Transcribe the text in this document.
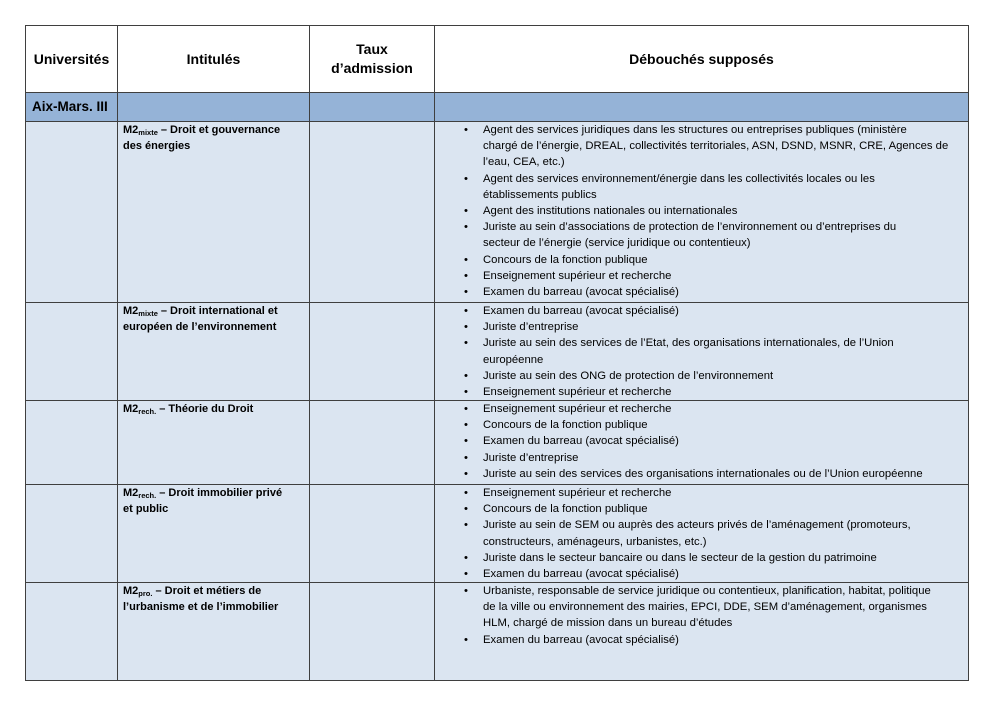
Universités	Intitulés
Taux
d’admission
Débouchés supposés
Aix-Mars. III
$M2_{mixte}$ – Droit et gouvernance
des énergies
• Agent des services juridiques dans les structures ou entreprises publiques (ministère
chargé de l’énergie, DREAL, collectivités territoriales, ASN, DSND, MSNR, CRE, Agences de
l’eau, CEA, etc.)
• Agent des services environnement/énergie dans les collectivités locales ou les
établissements publics
• Agent des institutions nationales ou internationales
• Juriste au sein d’associations de protection de l’environnement ou d’entreprises du
secteur de l’énergie (service juridique ou contentieux)
• Concours de la fonction publique
• Enseignement supérieur et recherche
• Examen du barreau (avocat spécialisé)
$M2_{mixte}$ – Droit international et
européen de l’environnement
• Examen du barreau (avocat spécialisé)
• Juriste d’entreprise
• Juriste au sein des services de l’Etat, des organisations internationales, de l’Union
européenne
• Juriste au sein des ONG de protection de l’environnement
• Enseignement supérieur et recherche
$M2_{rech.}$ – Théorie du Droit
•	Enseignement supérieur et recherche
• Concours de la fonction publique
• Examen du barreau (avocat spécialisé)
• Juriste d’entreprise
• Juriste au sein des services des organisations internationales ou de l’Union européenne
$M2_{rech.}$ – Droit immobilier privé
et public
• Enseignement supérieur et recherche
• Concours de la fonction publique
• Juriste au sein de SEM ou auprès des acteurs privés de l’aménagement (promoteurs,
constructeurs, aménageurs, urbanistes, etc.)
• Juriste dans le secteur bancaire ou dans le secteur de la gestion du patrimoine
• Examen du barreau (avocat spécialisé)
$M2_{pro.}$ – Droit et métiers de
l’urbanisme et de l’immobilier
• Urbaniste, responsable de service juridique ou contentieux, planification, habitat, politique
de la ville ou environnement des mairies, EPCI, DDE, SEM d’aménagement, organismes
HLM, chargé de mission dans un bureau d’études
• Examen du barreau (avocat spécialisé)
